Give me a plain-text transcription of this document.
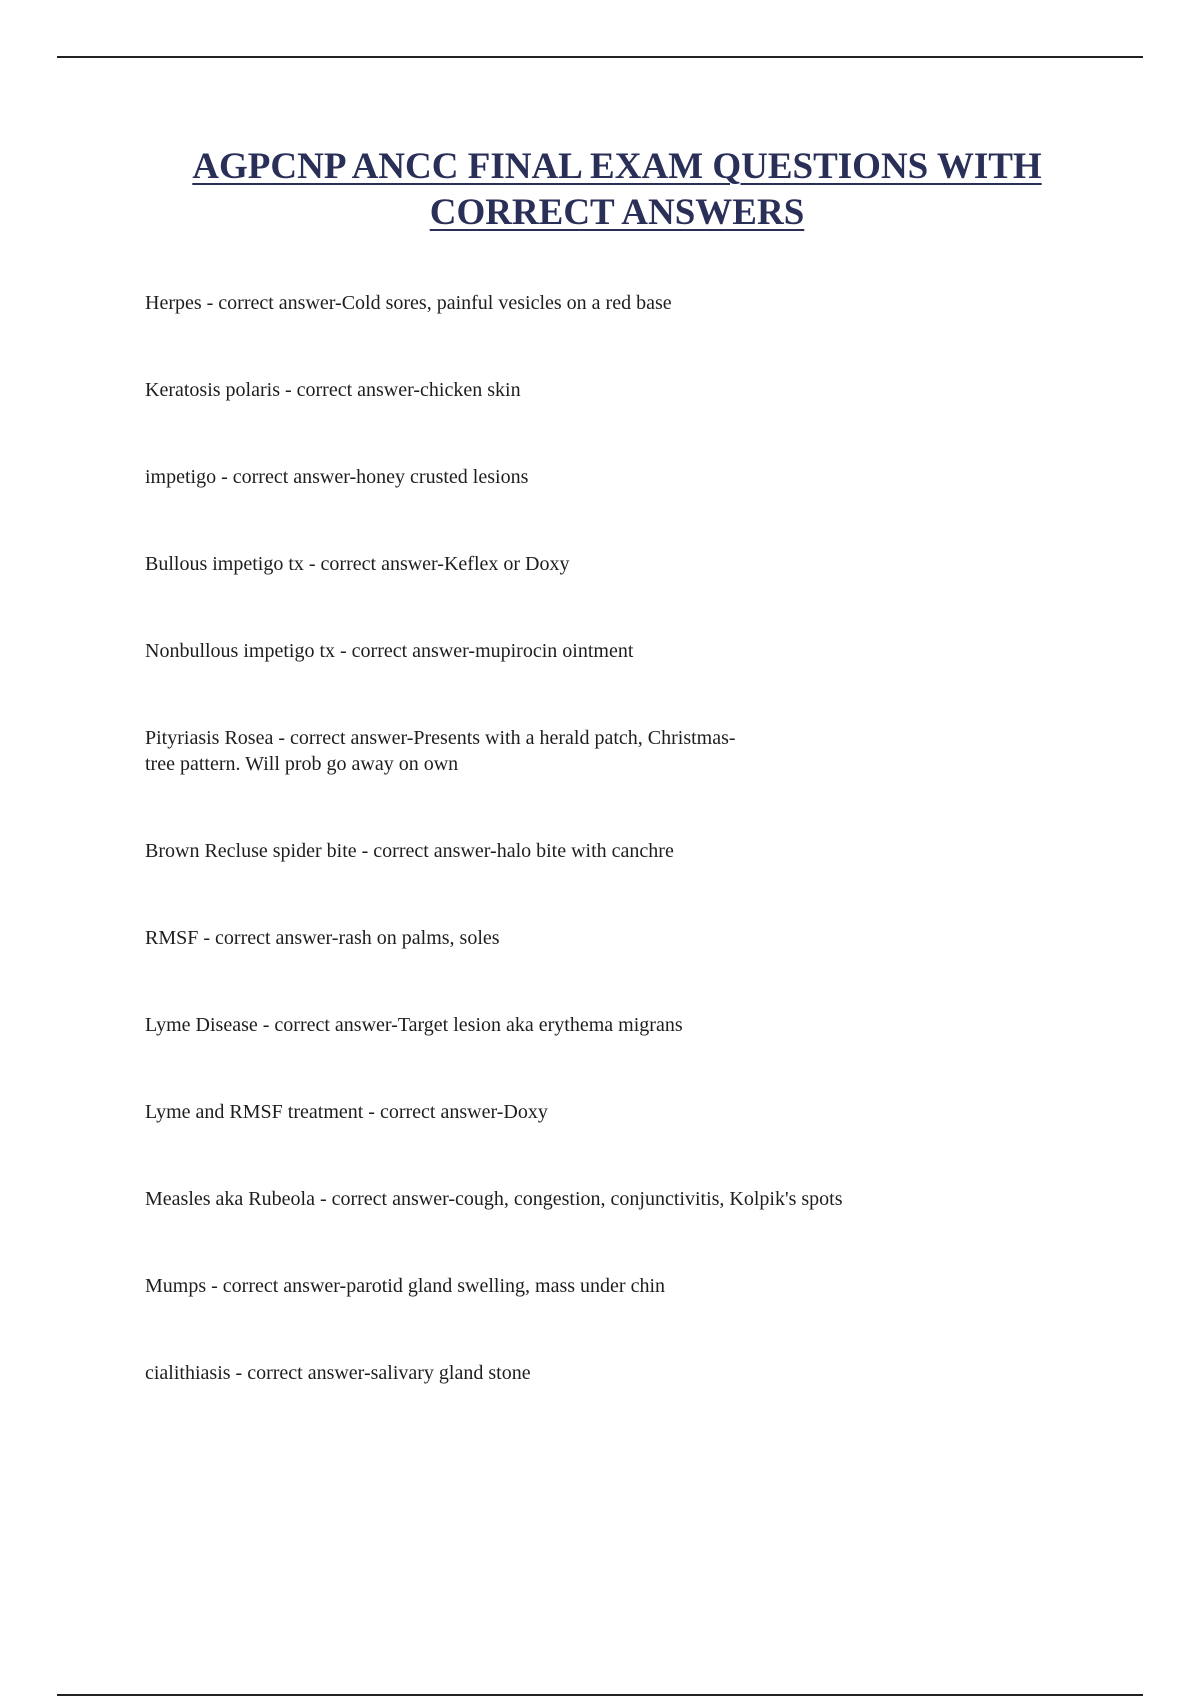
AGPCNP ANCC FINAL EXAM QUESTIONS WITH
CORRECT ANSWERS
Herpes - correct answer-Cold sores, painful vesicles on a red base
Keratosis polaris - correct answer-chicken skin
impetigo - correct answer-honey crusted lesions
Bullous impetigo tx - correct answer-Keflex or Doxy
Nonbullous impetigo tx - correct answer-mupirocin ointment
Pityriasis Rosea - correct answer-Presents with a herald patch, Christmas-
tree pattern. Will prob go away on own
Brown Recluse spider bite - correct answer-halo bite with canchre
RMSF - correct answer-rash on palms, soles
Lyme Disease - correct answer-Target lesion aka erythema migrans
Lyme and RMSF treatment - correct answer-Doxy
Measles aka Rubeola - correct answer-cough, congestion, conjunctivitis, Kolpik's spots
Mumps - correct answer-parotid gland swelling, mass under chin
cialithiasis - correct answer-salivary gland stone
